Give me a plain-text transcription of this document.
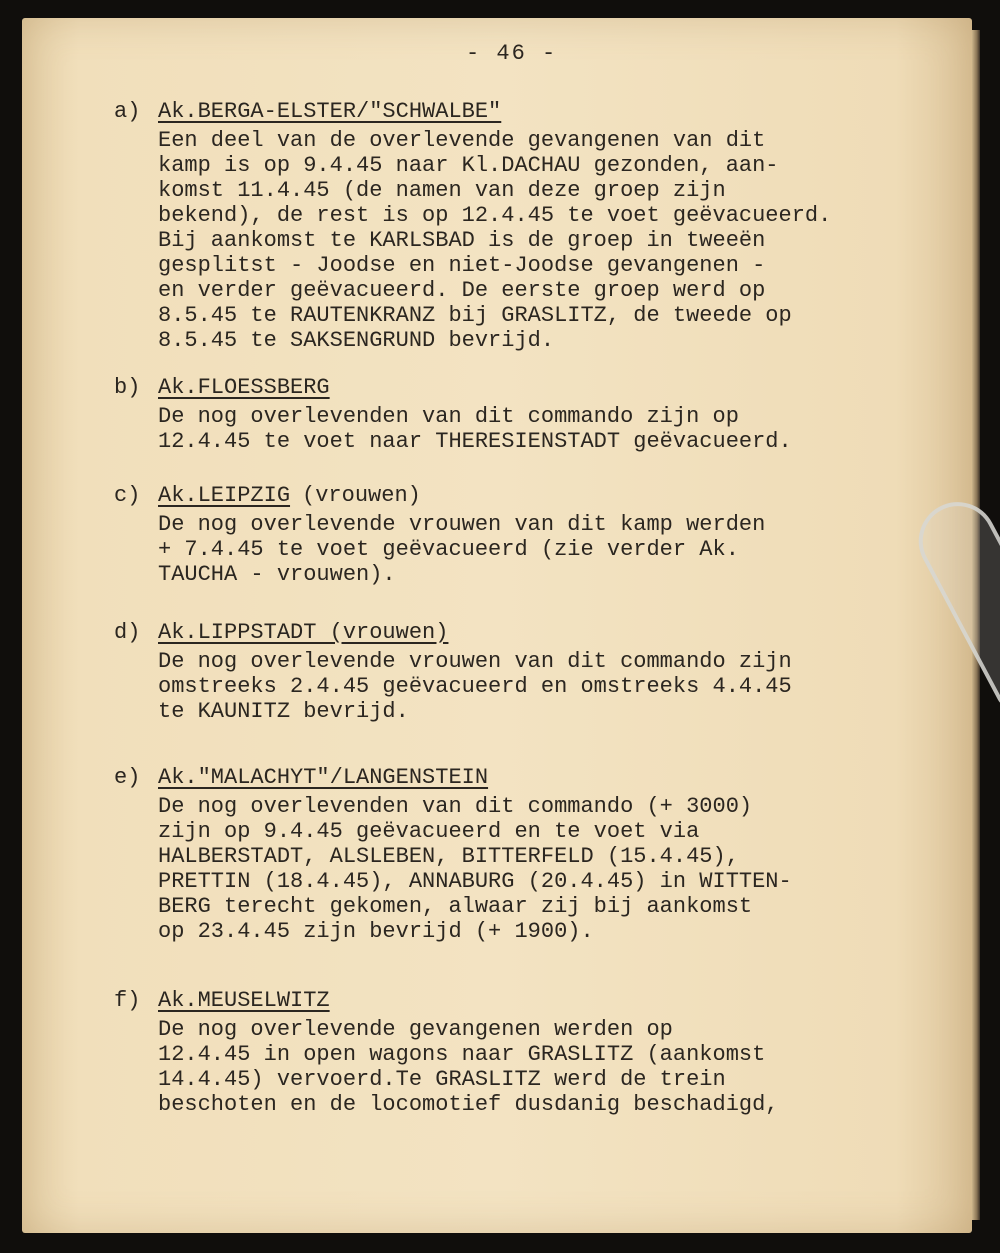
- 46 -
a) Ak.BERGA-ELSTER/"SCHWALBE"
Een deel van de overlevende gevangenen van dit
kamp is op 9.4.45 naar Kl.DACHAU gezonden, aan-
komst 11.4.45 (de namen van deze groep zijn
bekend), de rest is op 12.4.45 te voet geëvacueerd.
Bij aankomst te KARLSBAD is de groep in tweeën
gesplitst - Joodse en niet-Joodse gevangenen -
en verder geëvacueerd. De eerste groep werd op
8.5.45 te RAUTENKRANZ bij GRASLITZ, de tweede op
8.5.45 te SAKSENGRUND bevrijd.
b) Ak.FLOESSBERG
De nog overlevenden van dit commando zijn op
12.4.45 te voet naar THERESIENSTADT geëvacueerd.
c) Ak.LEIPZIG (vrouwen)
De nog overlevende vrouwen van dit kamp werden
+ 7.4.45 te voet geëvacueerd (zie verder Ak.
TAUCHA - vrouwen).
d) Ak.LIPPSTADT (vrouwen)
De nog overlevende vrouwen van dit commando zijn
omstreeks 2.4.45 geëvacueerd en omstreeks 4.4.45
te KAUNITZ bevrijd.
e) Ak."MALACHYT"/LANGENSTEIN
De nog overlevenden van dit commando (+ 3000)
zijn op 9.4.45 geëvacueerd en te voet via
HALBERSTADT, ALSLEBEN, BITTERFELD (15.4.45),
PRETTIN (18.4.45), ANNABURG (20.4.45) in WITTEN-
BERG terecht gekomen, alwaar zij bij aankomst
op 23.4.45 zijn bevrijd (+ 1900).
f) Ak.MEUSELWITZ
De nog overlevende gevangenen werden op
12.4.45 in open wagons naar GRASLITZ (aankomst
14.4.45) vervoerd.Te GRASLITZ werd de trein
beschoten en de locomotief dusdanig beschadigd,
